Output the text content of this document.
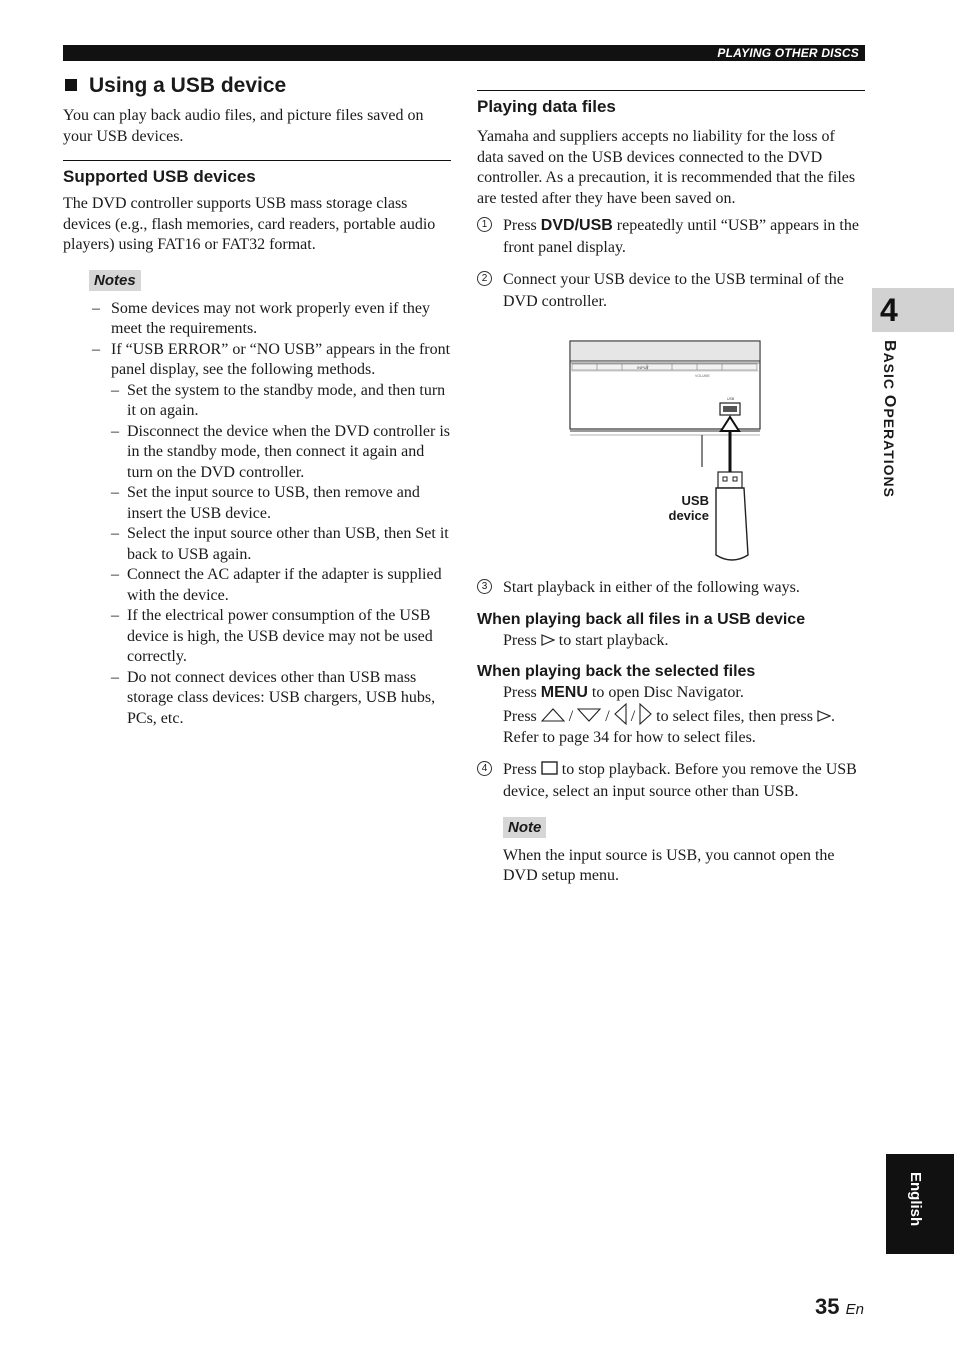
PLAYING OTHER DISCS
4
BASIC OPERATIONS
English
Using a USB device

You can play back audio files, and picture files saved on your USB devices.

Supported USB devices

The DVD controller supports USB mass storage class devices (e.g., flash memories, card readers, portable audio players) using FAT16 or FAT32 format.

Notes
– Some devices may not work properly even if they meet the requirements.
– If “USB ERROR” or “NO USB” appears in the front panel display, see the following methods.
– Set the system to the standby mode, and then turn it on again.
– Disconnect the device when the DVD controller is in the standby mode, then connect it again and turn on the DVD controller.
– Set the input source to USB, then remove and insert the USB device.
– Select the input source other than USB, then Set it back to USB again.
– Connect the AC adapter if the adapter is supplied with the device.
– If the electrical power consumption of the USB device is high, the USB device may not be used correctly.
– Do not connect devices other than USB mass storage class devices: USB chargers, USB hubs, PCs, etc.
Playing data files

Yamaha and suppliers accepts no liability for the loss of data saved on the USB devices connected to the DVD controller. As a precaution, it is recommended that the files are tested after they have been saved on.

1 Press DVD/USB repeatedly until “USB” appears in the front panel display.
2 Connect your USB device to the USB terminal of the DVD controller.
INPUT
VOLUME
USB
USB
device
3 Start playback in either of the following ways.
When playing back all files in a USB device
Press  to start playback.
When playing back the selected files
Press MENU to open Disc Navigator.
Press  /  /  /  to select files, then press .
Refer to page 34 for how to select files.
4 Press  to stop playback. Before you remove the USB device, select an input source other than USB.
Note

When the input source is USB, you cannot open the DVD setup menu.

35 En
